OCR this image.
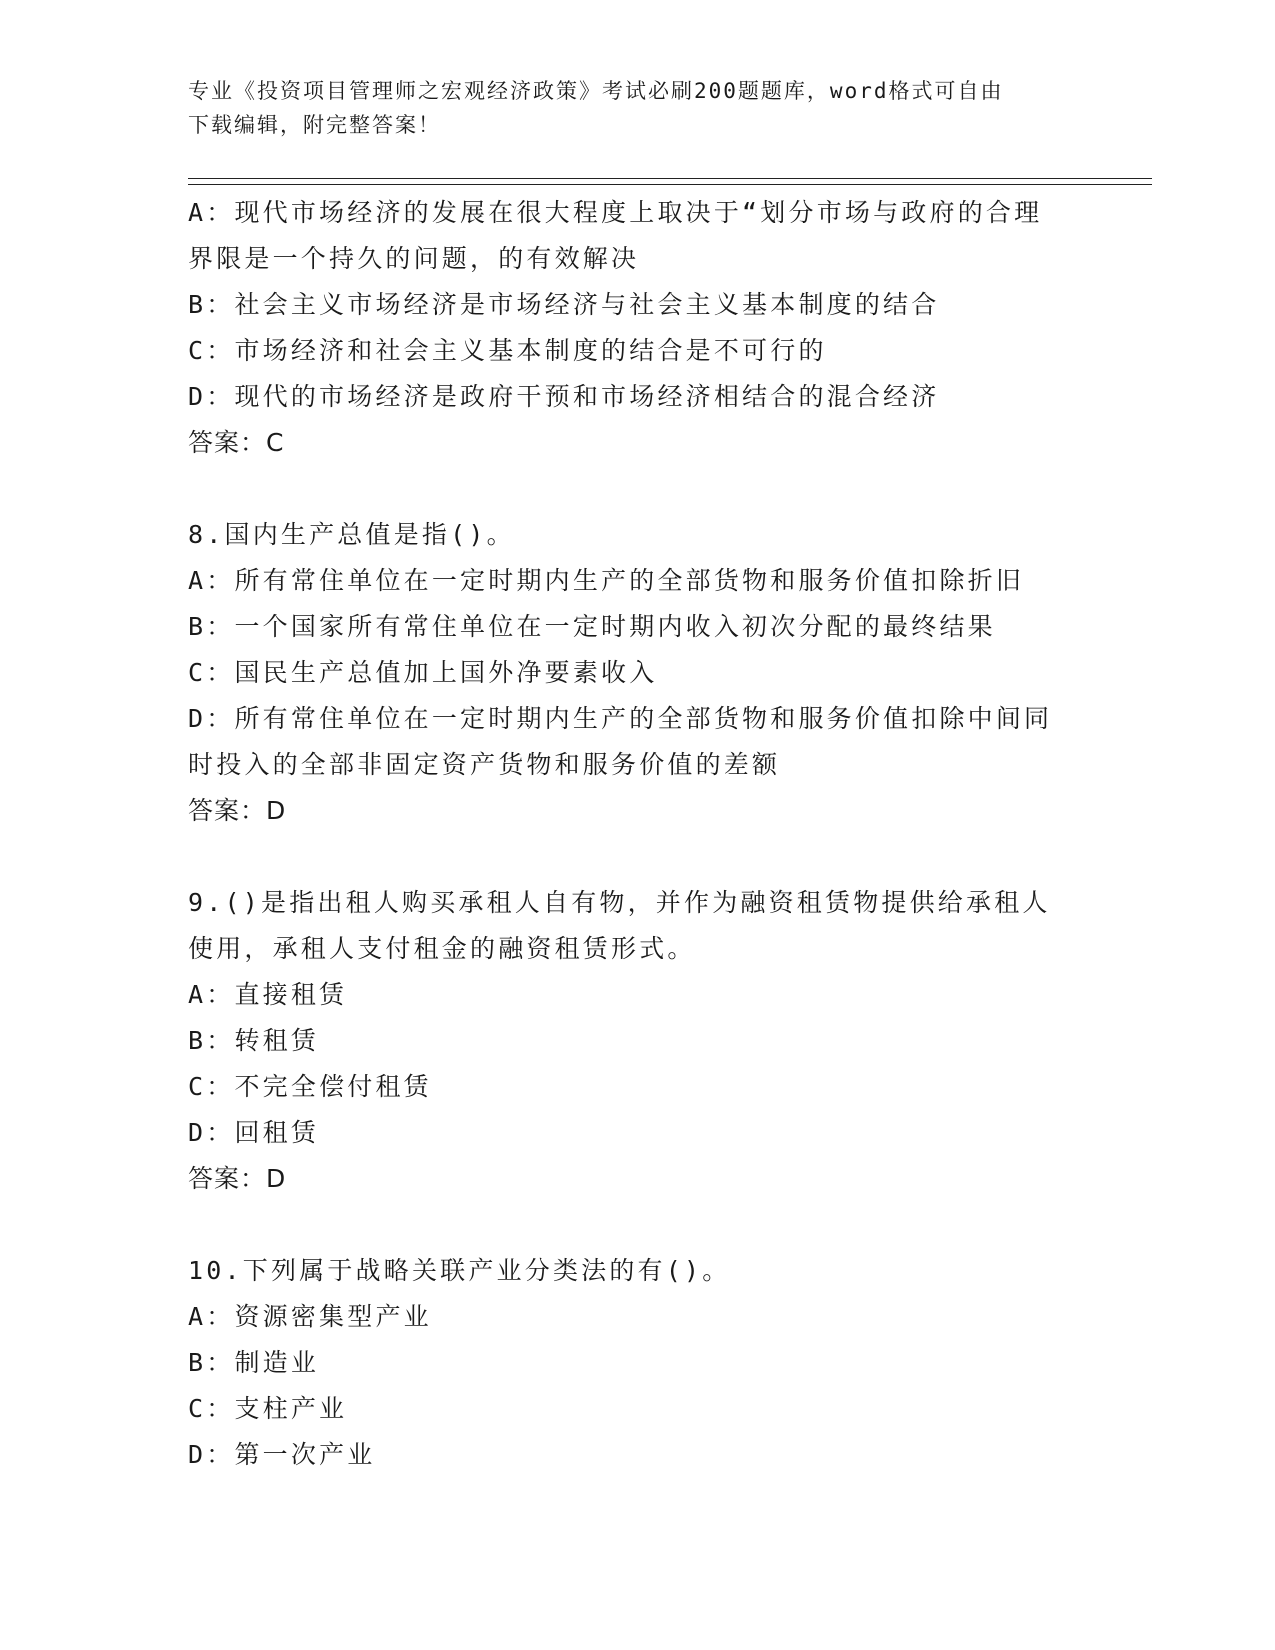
专业《投资项目管理师之宏观经济政策》考试必刷200题题库，word格式可自由
下载编辑，附完整答案！
A：现代市场经济的发展在很大程度上取决于“划分市场与政府的合理
界限是一个持久的问题，的有效解决
B：社会主义市场经济是市场经济与社会主义基本制度的结合
C：市场经济和社会主义基本制度的结合是不可行的
D：现代的市场经济是政府干预和市场经济相结合的混合经济
答案：C
8.国内生产总值是指()。
A：所有常住单位在一定时期内生产的全部货物和服务价值扣除折旧
B：一个国家所有常住单位在一定时期内收入初次分配的最终结果
C：国民生产总值加上国外净要素收入
D：所有常住单位在一定时期内生产的全部货物和服务价值扣除中间同
时投入的全部非固定资产货物和服务价值的差额
答案：D
9.()是指出租人购买承租人自有物，并作为融资租赁物提供给承租人
使用，承租人支付租金的融资租赁形式。
A：直接租赁
B：转租赁
C：不完全偿付租赁
D：回租赁
答案：D
10.下列属于战略关联产业分类法的有()。
A：资源密集型产业
B：制造业
C：支柱产业
D：第一次产业
